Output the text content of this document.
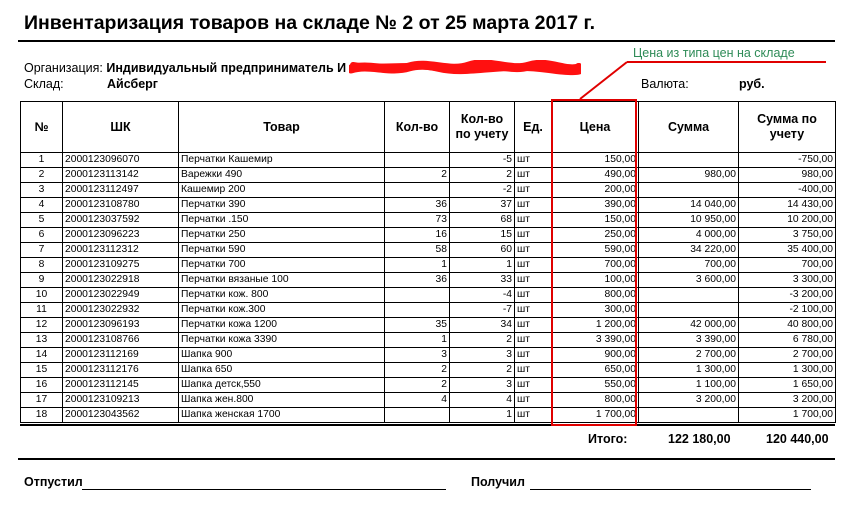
Инвентаризация товаров на складе № 2 от 25 марта 2017 г.
Цена из типа цен на складе
Организация: Индивидуальный предприниматель И
Склад:	Айсберг	Валюта:	руб.
№	ШК	Товар	Кол-во	Кол-во по учету	Ед.	Цена	Сумма	Сумма по учету
1	2000123096070	Перчатки Кашемир		-5	шт	150,00		-750,00
2	2000123113142	Варежки 490	2	2	шт	490,00	980,00	980,00
3	2000123112497	Кашемир 200		-2	шт	200,00		-400,00
4	2000123108780	Перчатки 390	36	37	шт	390,00	14 040,00	14 430,00
5	2000123037592	Перчатки .150	73	68	шт	150,00	10 950,00	10 200,00
6	2000123096223	Перчатки 250	16	15	шт	250,00	4 000,00	3 750,00
7	2000123112312	Перчатки 590	58	60	шт	590,00	34 220,00	35 400,00
8	2000123109275	Перчатки 700	1	1	шт	700,00	700,00	700,00
9	2000123022918	Перчатки вязаные 100	36	33	шт	100,00	3 600,00	3 300,00
10	2000123022949	Перчатки кож. 800		-4	шт	800,00		-3 200,00
11	2000123022932	Перчатки кож.300		-7	шт	300,00		-2 100,00
12	2000123096193	Перчатки кожа 1200	35	34	шт	1 200,00	42 000,00	40 800,00
13	2000123108766	Перчатки кожа 3390	1	2	шт	3 390,00	3 390,00	6 780,00
14	2000123112169	Шапка 900	3	3	шт	900,00	2 700,00	2 700,00
15	2000123112176	Шапка 650	2	2	шт	650,00	1 300,00	1 300,00
16	2000123112145	Шапка детск,550	2	3	шт	550,00	1 100,00	1 650,00
17	2000123109213	Шапка жен.800	4	4	шт	800,00	3 200,00	3 200,00
18	2000123043562	Шапка женская 1700		1	шт	1 700,00		1 700,00
Итого:	122 180,00	120 440,00
Отпустил	Получил
